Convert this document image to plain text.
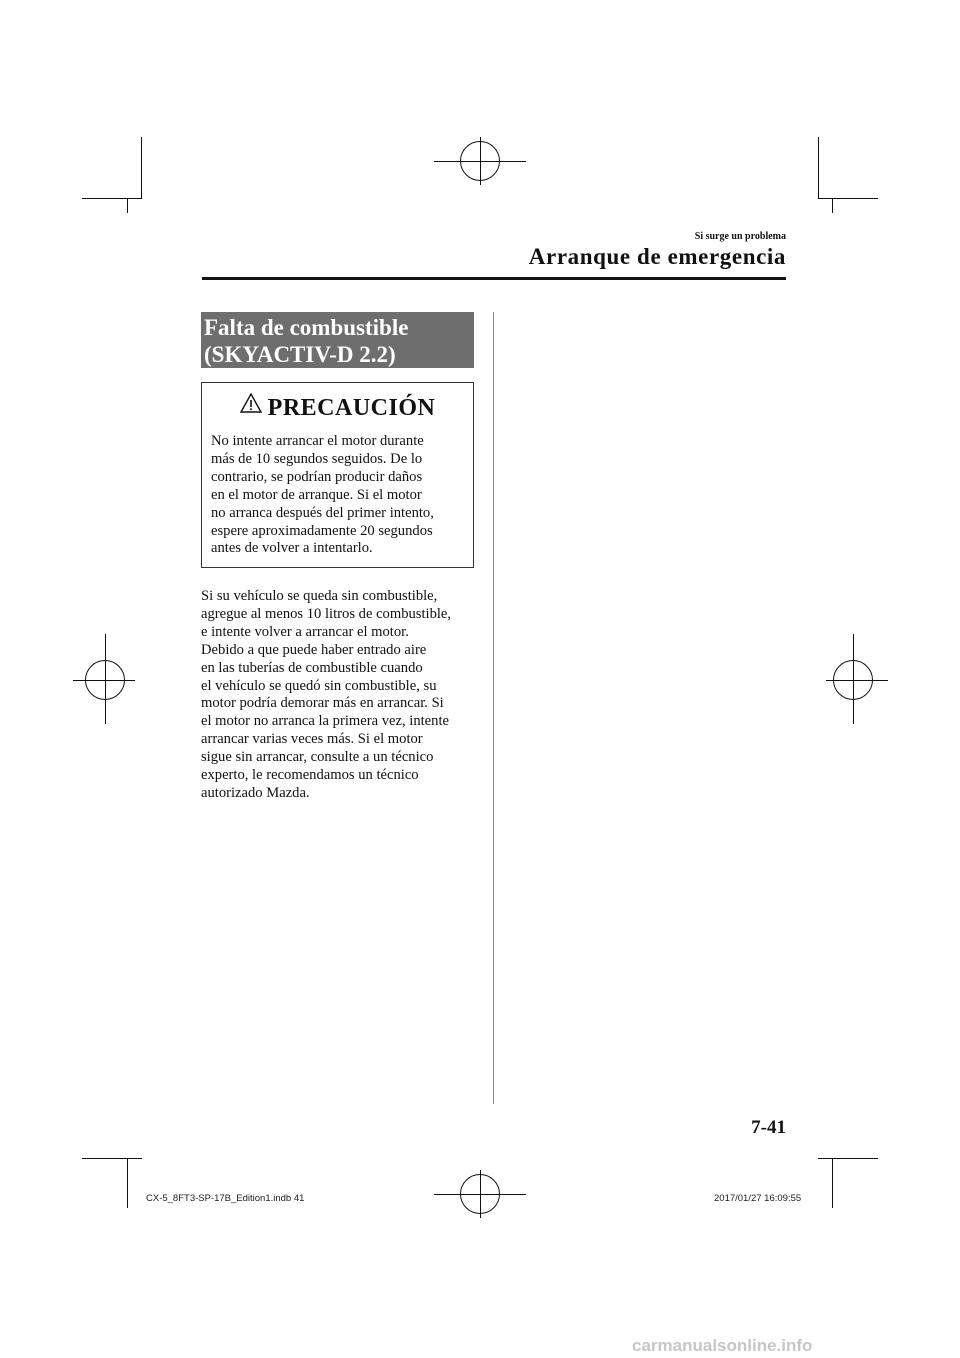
Si surge un problema
Arranque de emergencia
Falta de combustible
(SKYACTIV-D 2.2)
PRECAUCIÓN
No intente arrancar el motor durante
más de 10 segundos seguidos. De lo
contrario, se podrían producir daños
en el motor de arranque. Si el motor
no arranca después del primer intento,
espere aproximadamente 20 segundos
antes de volver a intentarlo.
Si su vehículo se queda sin combustible,
agregue al menos 10 litros de combustible,
e intente volver a arrancar el motor.
Debido a que puede haber entrado aire
en las tuberías de combustible cuando
el vehículo se quedó sin combustible, su
motor podría demorar más en arrancar. Si
el motor no arranca la primera vez, intente
arrancar varias veces más. Si el motor
sigue sin arrancar, consulte a un técnico
experto, le recomendamos un técnico
autorizado Mazda.
7-41
CX-5_8FT3-SP-17B_Edition1.indb 41	2017/01/27 16:09:55
carmanualsonline.info
